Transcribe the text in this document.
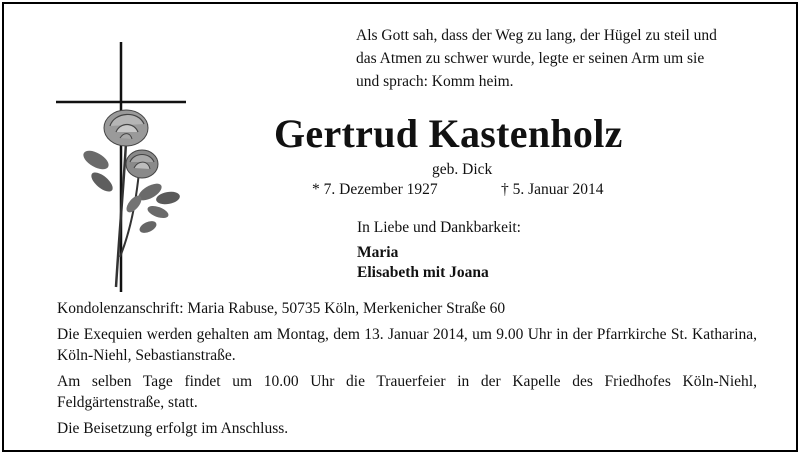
Als Gott sah, dass der Weg zu lang, der Hügel zu steil und

das Atmen zu schwer wurde, legte er seinen Arm um sie

und sprach: Komm heim.

Gertrud Kastenholz
geb. Dick
* 7. Dezember 1927	† 5. Januar 2014
In Liebe und Dankbarkeit:
Maria
Elisabeth mit Joana

Kondolenzanschrift: Maria Rabuse, 50735 Köln, Merkenicher Straße 60

Die Exequien werden gehalten am Montag, dem 13. Januar 2014, um 9.00 Uhr in der Pfarrkirche St. Katharina, Köln-Niehl, Sebastianstraße.

Am selben Tage findet um 10.00 Uhr die Trauerfeier in der Kapelle des Friedhofes Köln-Niehl, Feldgärtenstraße, statt.

Die Beisetzung erfolgt im Anschluss.
